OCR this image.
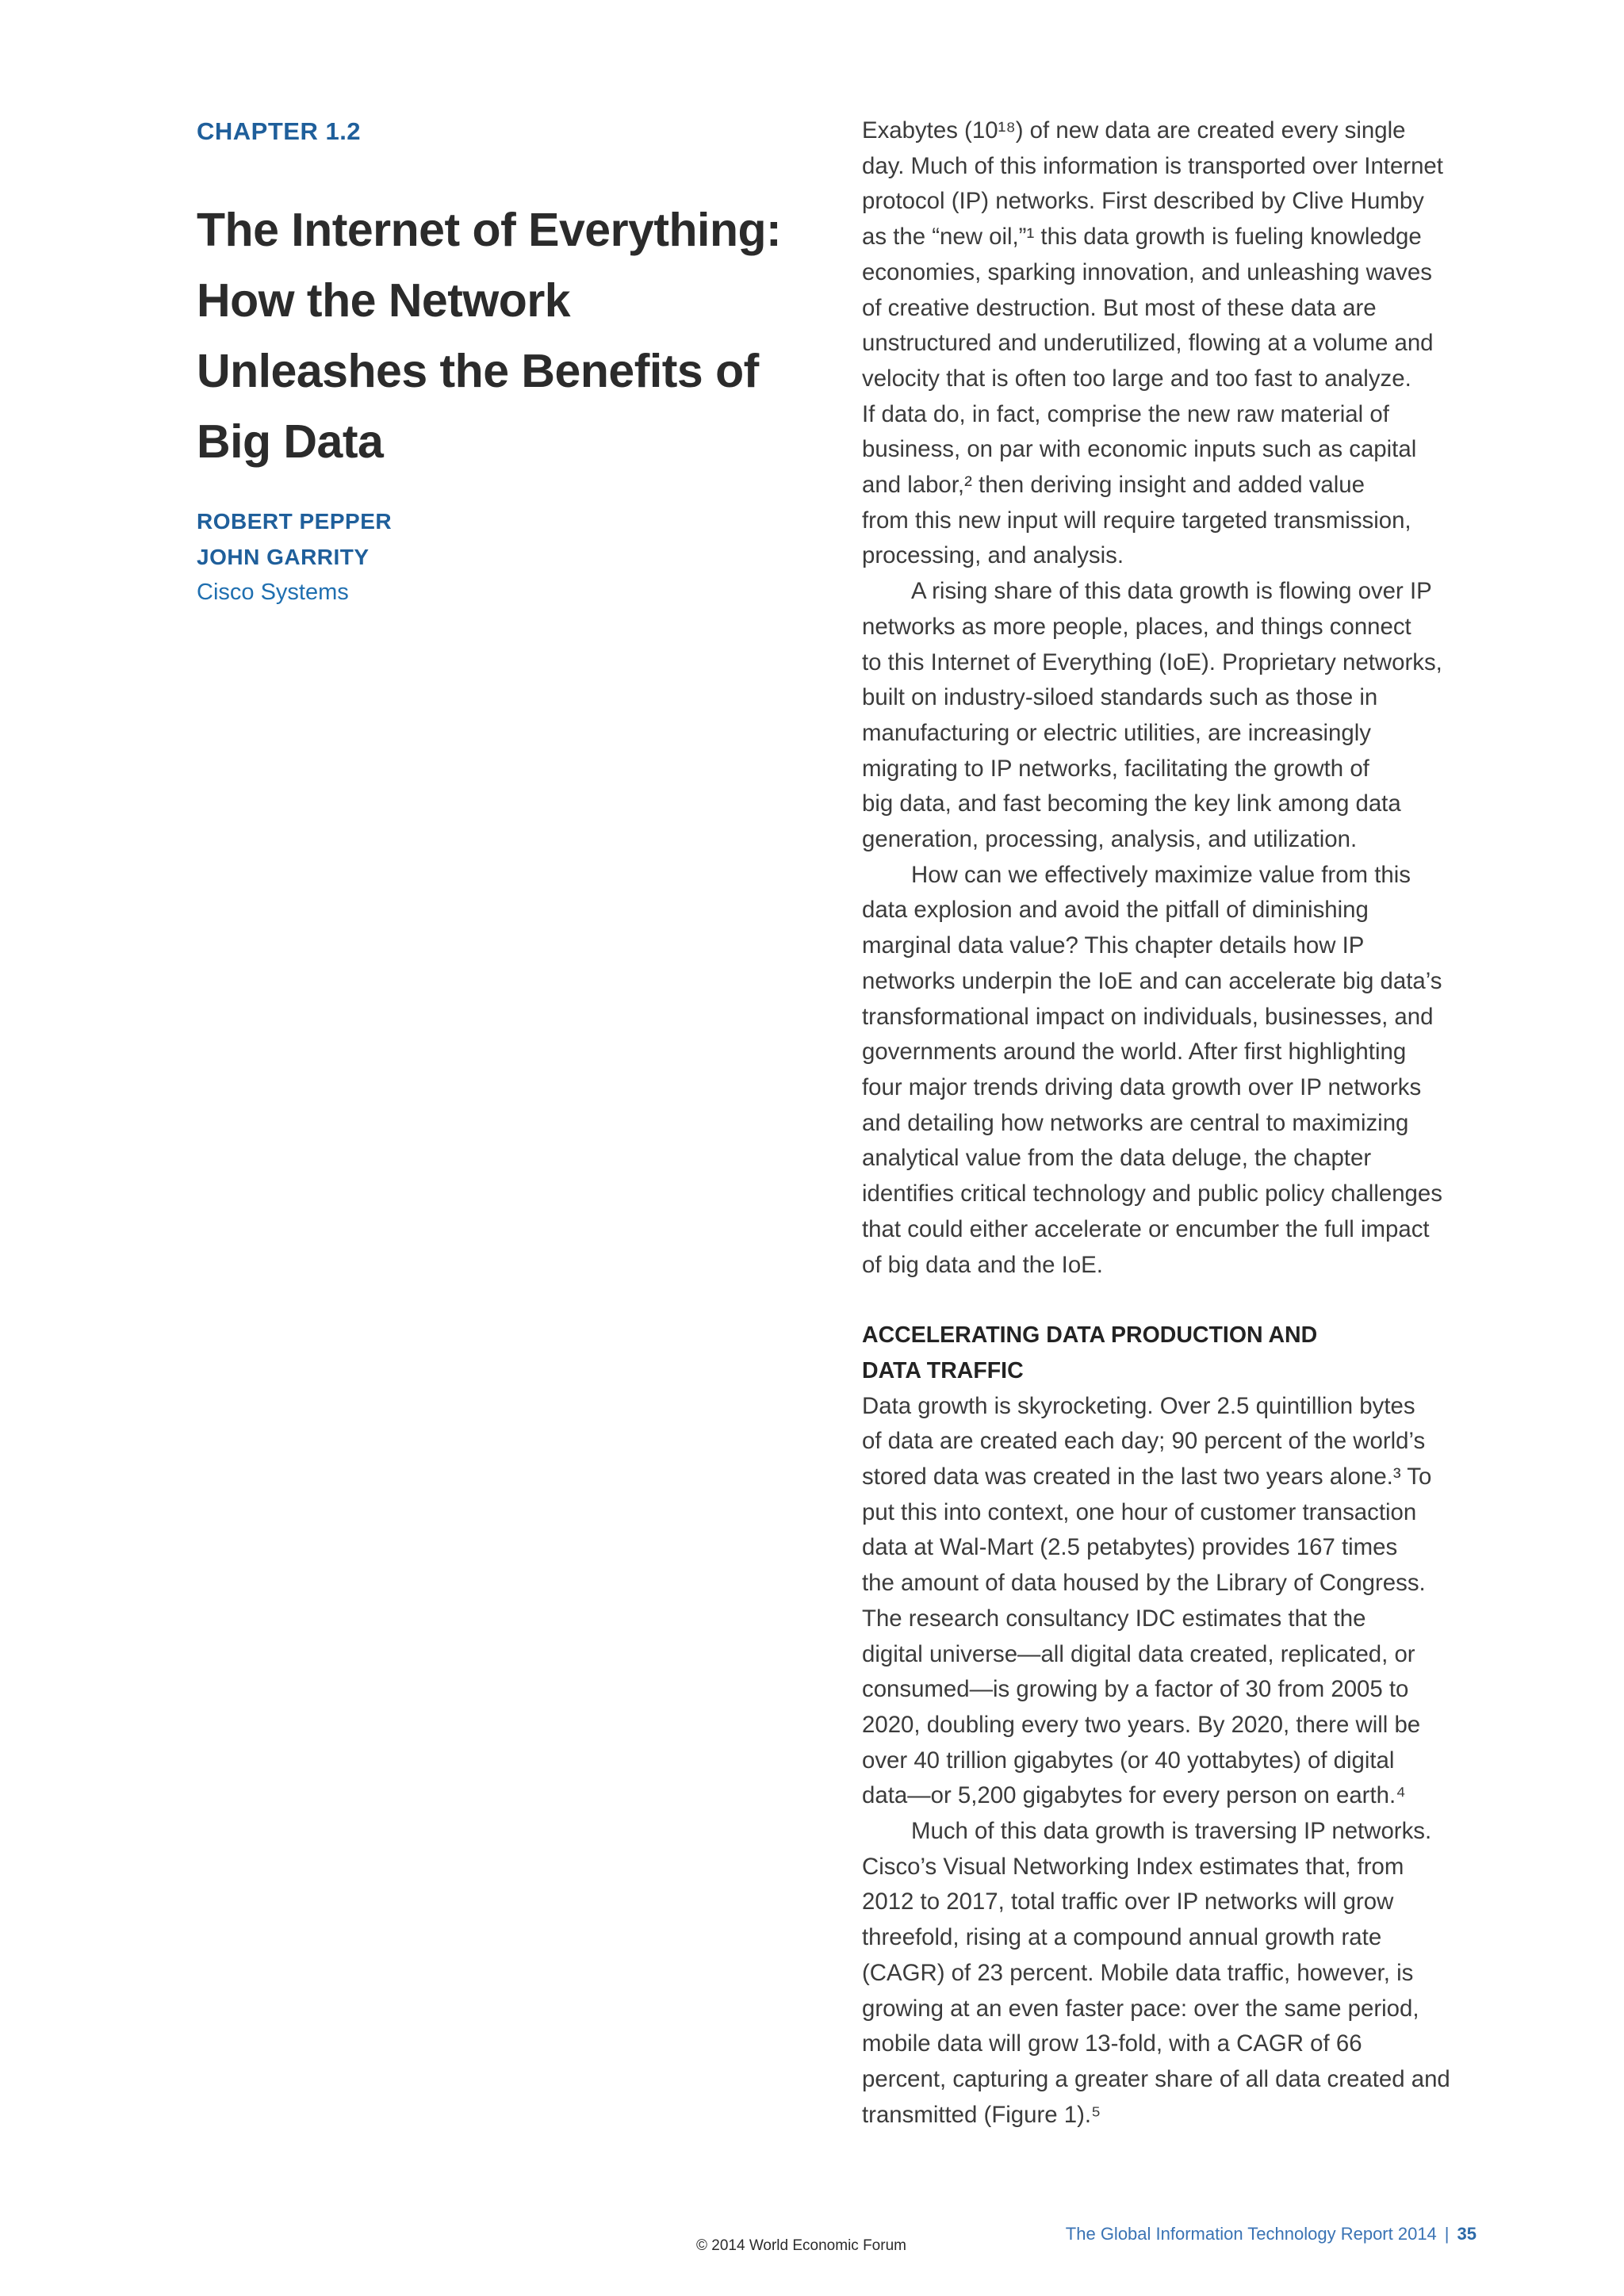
CHAPTER 1.2
The Internet of Everything:
How the Network
Unleashes the Benefits of
Big Data
ROBERT PEPPER
JOHN GARRITY
Cisco Systems

Exabytes (10¹⁸) of new data are created every single
day. Much of this information is transported over Internet
protocol (IP) networks. First described by Clive Humby
as the “new oil,”¹ this data growth is fueling knowledge
economies, sparking innovation, and unleashing waves
of creative destruction. But most of these data are
unstructured and underutilized, flowing at a volume and
velocity that is often too large and too fast to analyze.
If data do, in fact, comprise the new raw material of
business, on par with economic inputs such as capital
and labor,² then deriving insight and added value
from this new input will require targeted transmission,
processing, and analysis.

A rising share of this data growth is flowing over IP
networks as more people, places, and things connect
to this Internet of Everything (IoE). Proprietary networks,
built on industry-siloed standards such as those in
manufacturing or electric utilities, are increasingly
migrating to IP networks, facilitating the growth of
big data, and fast becoming the key link among data
generation, processing, analysis, and utilization.

How can we effectively maximize value from this
data explosion and avoid the pitfall of diminishing
marginal data value? This chapter details how IP
networks underpin the IoE and can accelerate big data’s
transformational impact on individuals, businesses, and
governments around the world. After first highlighting
four major trends driving data growth over IP networks
and detailing how networks are central to maximizing
analytical value from the data deluge, the chapter
identifies critical technology and public policy challenges
that could either accelerate or encumber the full impact
of big data and the IoE.

ACCELERATING DATA PRODUCTION AND
DATA TRAFFIC

Data growth is skyrocketing. Over 2.5 quintillion bytes
of data are created each day; 90 percent of the world’s
stored data was created in the last two years alone.³ To
put this into context, one hour of customer transaction
data at Wal-Mart (2.5 petabytes) provides 167 times
the amount of data housed by the Library of Congress.
The research consultancy IDC estimates that the
digital universe—all digital data created, replicated, or
consumed—is growing by a factor of 30 from 2005 to
2020, doubling every two years. By 2020, there will be
over 40 trillion gigabytes (or 40 yottabytes) of digital
data—or 5,200 gigabytes for every person on earth.⁴

Much of this data growth is traversing IP networks.
Cisco’s Visual Networking Index estimates that, from
2012 to 2017, total traffic over IP networks will grow
threefold, rising at a compound annual growth rate
(CAGR) of 23 percent. Mobile data traffic, however, is
growing at an even faster pace: over the same period,
mobile data will grow 13-fold, with a CAGR of 66
percent, capturing a greater share of all data created and
transmitted (Figure 1).⁵

© 2014 World Economic Forum
The Global Information Technology Report 2014 | 35
